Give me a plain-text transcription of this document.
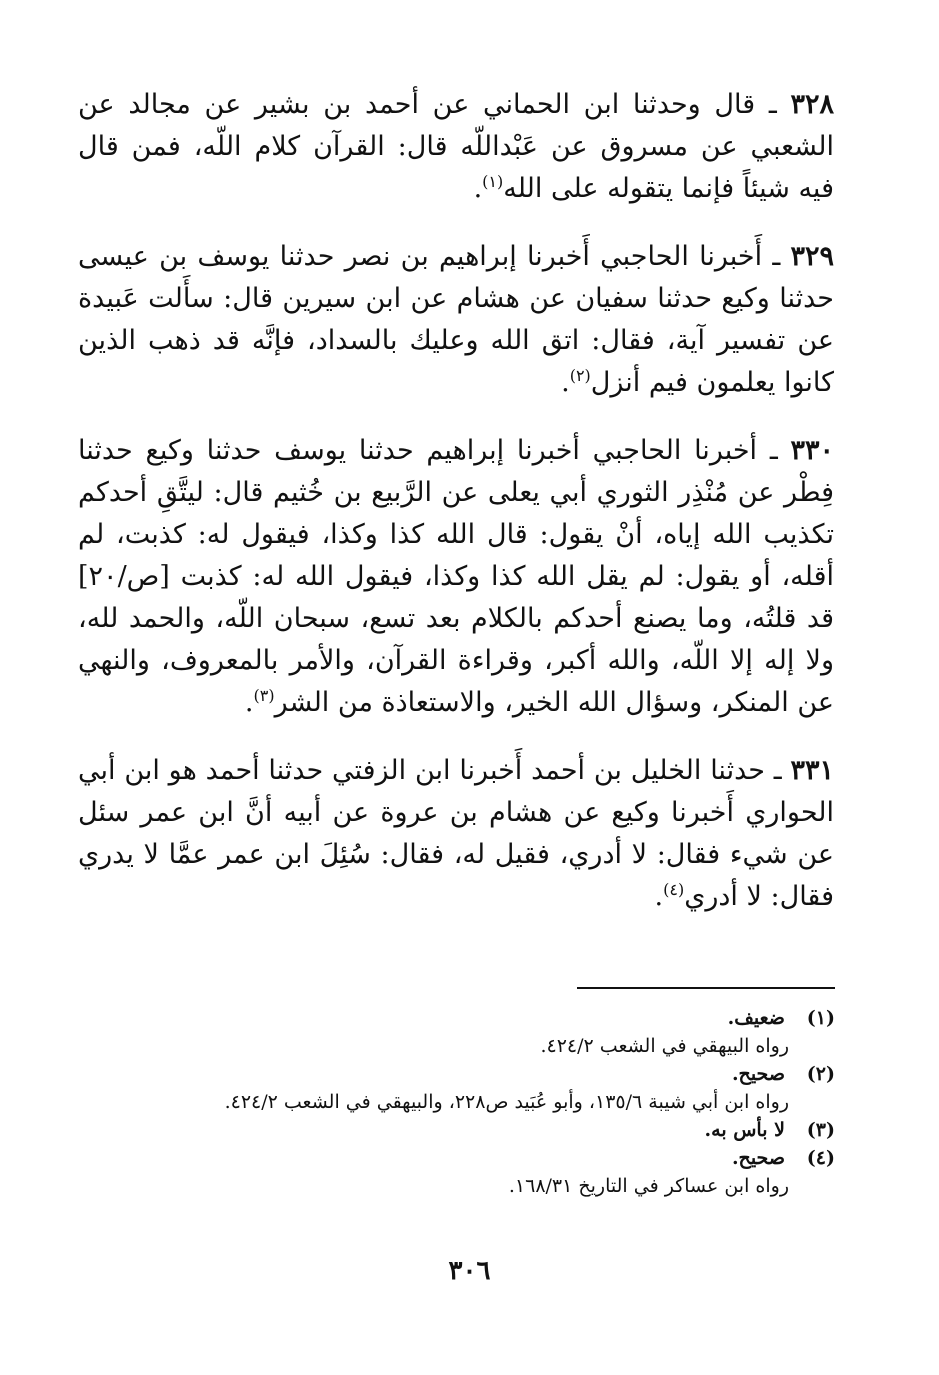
٣٢٨ ـ قال وحدثنا ابن الحماني عن أحمد بن بشير عن مجالد عن الشعبي عن مسروق عن عَبْداللّه قال: القرآن كلام اللّه، فمن قال فيه شيئاً فإنما يتقوله على الله$^{(١)}$.

٣٢٩ ـ أَخبرنا الحاجبي أَخبرنا إبراهيم بن نصر حدثنا يوسف بن عيسى حدثنا وكيع حدثنا سفيان عن هشام عن ابن سيرين قال: سأَلت عَبيدة عن تفسير آية، فقال: اتق الله وعليك بالسداد، فإنَّه قد ذهب الذين كانوا يعلمون فيم أنزل$^{(٢)}$.

٣٣٠ ـ أخبرنا الحاجبي أخبرنا إبراهيم حدثنا يوسف حدثنا وكيع حدثنا فِطْر عن مُنْذِر الثوري أبي يعلى عن الرَّبيع بن خُثيم قال: ليتَّقِ أحدكم تكذيب الله إياه، أنْ يقول: قال الله كذا وكذا، فيقول له: كذبت، لم أقله، أو يقول: لم يقل الله كذا وكذا، فيقول الله له: كذبت [ص/٢٠] قد قلتُه، وما يصنع أحدكم بالكلام بعد تسع، سبحان اللّه، والحمد لله، ولا إله إلا اللّه، والله أكبر، وقراءة القرآن، والأمر بالمعروف، والنهي عن المنكر، وسؤال الله الخير، والاستعاذة من الشر$^{(٣)}$.

٣٣١ ـ حدثنا الخليل بن أحمد أَخبرنا ابن الزفتي حدثنا أحمد هو ابن أبي الحواري أَخبرنا وكيع عن هشام بن عروة عن أبيه أنَّ ابن عمر سئل عن شيء فقال: لا أدري، فقيل له، فقال: سُئِلَ ابن عمر عمَّا لا يدري فقال: لا أدري$^{(٤)}$.

(١) ضعيف.

رواه البيهقي في الشعب ٤٢٤/٢.

(٢) صحيح.

رواه ابن أبي شيبة ١٣٥/٦، وأبو عُبَيد ص٢٢٨، والبيهقي في الشعب ٤٢٤/٢.

(٣) لا بأس به.

(٤) صحيح.

رواه ابن عساكر في التاريخ ١٦٨/٣١.

٣٠٦
